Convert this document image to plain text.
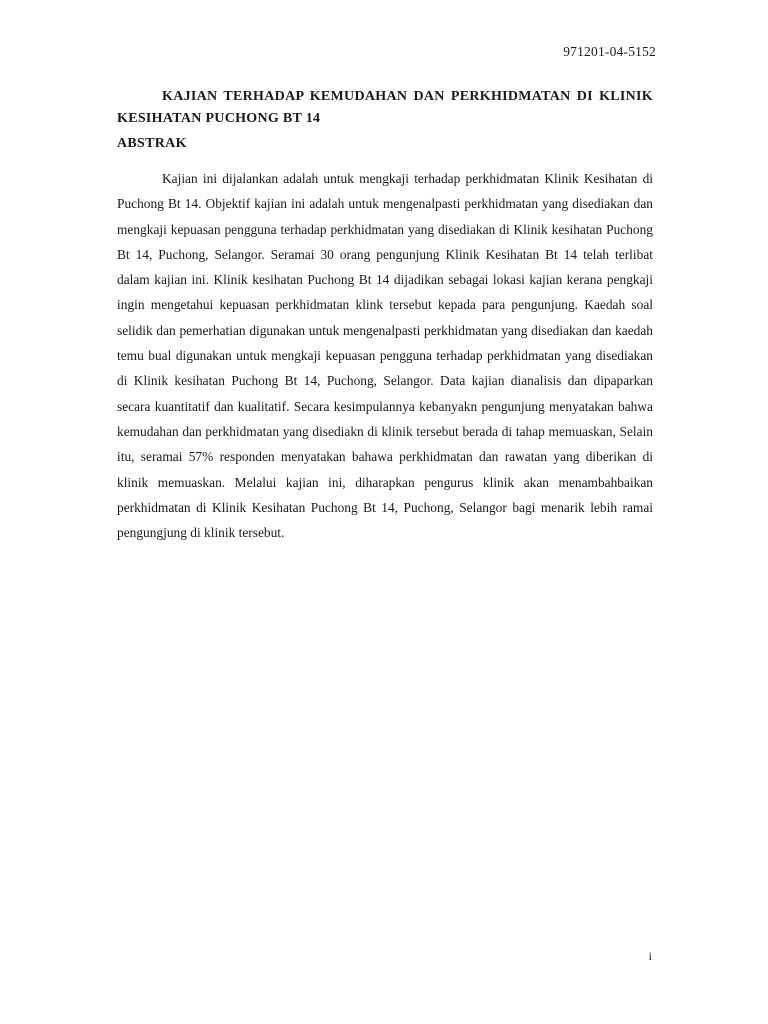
971201-04-5152
KAJIAN TERHADAP KEMUDAHAN DAN PERKHIDMATAN DI KLINIK KESIHATAN PUCHONG BT 14
ABSTRAK

Kajian ini dijalankan adalah untuk mengkaji terhadap perkhidmatan Klinik Kesihatan di Puchong Bt 14. Objektif kajian ini adalah untuk mengenalpasti perkhidmatan yang disediakan dan mengkaji kepuasan pengguna terhadap perkhidmatan yang disediakan di Klinik kesihatan Puchong Bt 14, Puchong, Selangor. Seramai 30 orang pengunjung Klinik Kesihatan Bt 14 telah terlibat dalam kajian ini. Klinik kesihatan Puchong Bt 14 dijadikan sebagai lokasi kajian kerana pengkaji ingin mengetahui kepuasan perkhidmatan klink tersebut kepada para pengunjung. Kaedah soal selidik dan pemerhatian digunakan untuk mengenalpasti perkhidmatan yang disediakan dan kaedah temu bual digunakan untuk mengkaji kepuasan pengguna terhadap perkhidmatan yang disediakan di Klinik kesihatan Puchong Bt 14, Puchong, Selangor. Data kajian dianalisis dan dipaparkan secara kuantitatif dan kualitatif. Secara kesimpulannya kebanyakn pengunjung menyatakan bahwa kemudahan dan perkhidmatan yang disediakn di klinik tersebut berada di tahap memuaskan, Selain itu, seramai 57% responden menyatakan bahawa perkhidmatan dan rawatan yang diberikan di klinik memuaskan. Melalui kajian ini, diharapkan pengurus klinik akan menambahbaikan perkhidmatan di Klinik Kesihatan Puchong Bt 14, Puchong, Selangor bagi menarik lebih ramai pengungjung di klinik tersebut.

i
